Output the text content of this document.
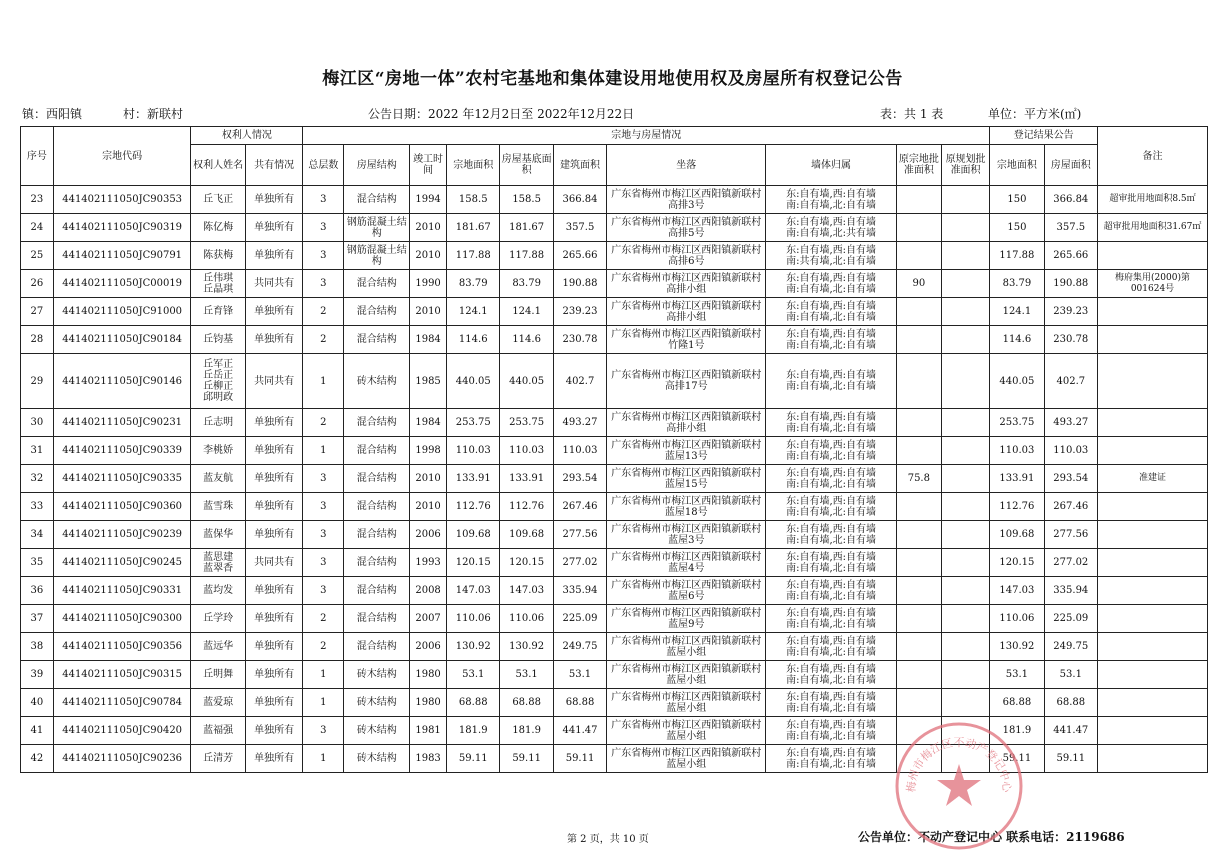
梅江区“房地一体”农村宅基地和集体建设用地使用权及房屋所有权登记公告
镇：西阳镇	村：新联村	公告日期：2022 年12月2日至 2022年12月22日	表：共 1 表	单位：平方米(㎡)
序号	宗地代码	权利人情况		宗地与房屋情况										登记结果公告		备注
		权利人姓名	共有情况	总层数	房屋结构	竣工时间	宗地面积	房屋基底面积	建筑面积	坐落	墙体归属	原宗地批准面积	原规划批准面积	宗地面积	房屋面积	
23	441402111050JC90353	丘飞正	单独所有	3	混合结构	1994	158.5	158.5	366.84	广东省梅州市梅江区西阳镇新联村高排3号	东:自有墙,西:自有墙
南:自有墙,北:自有墙			150	366.84	超审批用地面积8.5㎡
24	441402111050JC90319	陈亿梅	单独所有	3	钢筋混凝土结构	2010	181.67	181.67	357.5	广东省梅州市梅江区西阳镇新联村高排5号	东:自有墙,西:自有墙
南:自有墙,北:共有墙			150	357.5	超审批用地面积31.67㎡
25	441402111050JC90791	陈获梅	单独所有	3	钢筋混凝土结构	2010	117.88	117.88	265.66	广东省梅州市梅江区西阳镇新联村高排6号	东:自有墙,西:自有墙
南:共有墙,北:自有墙			117.88	265.66	
26	441402111050JC00019	丘伟琪
丘晶琪	共同共有	3	混合结构	1990	83.79	83.79	190.88	广东省梅州市梅江区西阳镇新联村高排小组	东:自有墙,西:自有墙
南:自有墙,北:自有墙	90		83.79	190.88	梅府集用(2000)第001624号
27	441402111050JC91000	丘育锋	单独所有	2	混合结构	2010	124.1	124.1	239.23	广东省梅州市梅江区西阳镇新联村高排小组	东:自有墙,西:自有墙
南:自有墙,北:自有墙			124.1	239.23	
28	441402111050JC90184	丘钧基	单独所有	2	混合结构	1984	114.6	114.6	230.78	广东省梅州市梅江区西阳镇新联村竹隆1号	东:自有墙,西:自有墙
南:自有墙,北:自有墙			114.6	230.78	
29	441402111050JC90146	丘军正
丘岳正
丘柳正
邱明政	共同共有	1	砖木结构	1985	440.05	440.05	402.7	广东省梅州市梅江区西阳镇新联村高排17号	东:自有墙,西:自有墙
南:自有墙,北:自有墙			440.05	402.7	
30	441402111050JC90231	丘志明	单独所有	2	混合结构	1984	253.75	253.75	493.27	广东省梅州市梅江区西阳镇新联村高排小组	东:自有墙,西:自有墙
南:自有墙,北:自有墙			253.75	493.27	
31	441402111050JC90339	李桃娇	单独所有	1	混合结构	1998	110.03	110.03	110.03	广东省梅州市梅江区西阳镇新联村蓝屋13号	东:自有墙,西:自有墙
南:自有墙,北:自有墙			110.03	110.03	
32	441402111050JC90335	蓝友航	单独所有	3	混合结构	2010	133.91	133.91	293.54	广东省梅州市梅江区西阳镇新联村蓝屋15号	东:自有墙,西:自有墙
南:自有墙,北:自有墙	75.8		133.91	293.54	准建证
33	441402111050JC90360	蓝雪珠	单独所有	3	混合结构	2010	112.76	112.76	267.46	广东省梅州市梅江区西阳镇新联村蓝屋18号	东:自有墙,西:自有墙
南:自有墙,北:自有墙			112.76	267.46	
34	441402111050JC90239	蓝保华	单独所有	3	混合结构	2006	109.68	109.68	277.56	广东省梅州市梅江区西阳镇新联村蓝屋3号	东:自有墙,西:自有墙
南:自有墙,北:自有墙			109.68	277.56	
35	441402111050JC90245	蓝思建
蓝翠香	共同共有	3	混合结构	1993	120.15	120.15	277.02	广东省梅州市梅江区西阳镇新联村蓝屋4号	东:自有墙,西:自有墙
南:自有墙,北:自有墙			120.15	277.02	
36	441402111050JC90331	蓝均发	单独所有	3	混合结构	2008	147.03	147.03	335.94	广东省梅州市梅江区西阳镇新联村蓝屋6号	东:自有墙,西:自有墙
南:自有墙,北:自有墙			147.03	335.94	
37	441402111050JC90300	丘学玲	单独所有	2	混合结构	2007	110.06	110.06	225.09	广东省梅州市梅江区西阳镇新联村蓝屋9号	东:自有墙,西:自有墙
南:自有墙,北:自有墙			110.06	225.09	
38	441402111050JC90356	蓝远华	单独所有	2	混合结构	2006	130.92	130.92	249.75	广东省梅州市梅江区西阳镇新联村蓝屋小组	东:自有墙,西:自有墙
南:自有墙,北:自有墙			130.92	249.75	
39	441402111050JC90315	丘明舞	单独所有	1	砖木结构	1980	53.1	53.1	53.1	广东省梅州市梅江区西阳镇新联村蓝屋小组	东:自有墙,西:自有墙
南:自有墙,北:自有墙			53.1	53.1	
40	441402111050JC90784	蓝爱琼	单独所有	1	砖木结构	1980	68.88	68.88	68.88	广东省梅州市梅江区西阳镇新联村蓝屋小组	东:自有墙,西:自有墙
南:自有墙,北:自有墙			68.88	68.88	
41	441402111050JC90420	蓝福强	单独所有	3	砖木结构	1981	181.9	181.9	441.47	广东省梅州市梅江区西阳镇新联村蓝屋小组	东:自有墙,西:自有墙
南:自有墙,北:自有墙			181.9	441.47	
42	441402111050JC90236	丘清芳	单独所有	1	砖木结构	1983	59.11	59.11	59.11	广东省梅州市梅江区西阳镇新联村蓝屋小组	东:自有墙,西:自有墙
南:自有墙,北:自有墙			59.11	59.11	
第 2 页，共 10 页	公告单位：不动产登记中心 联系电话：2119686
梅州市梅江区不动产登记中心
